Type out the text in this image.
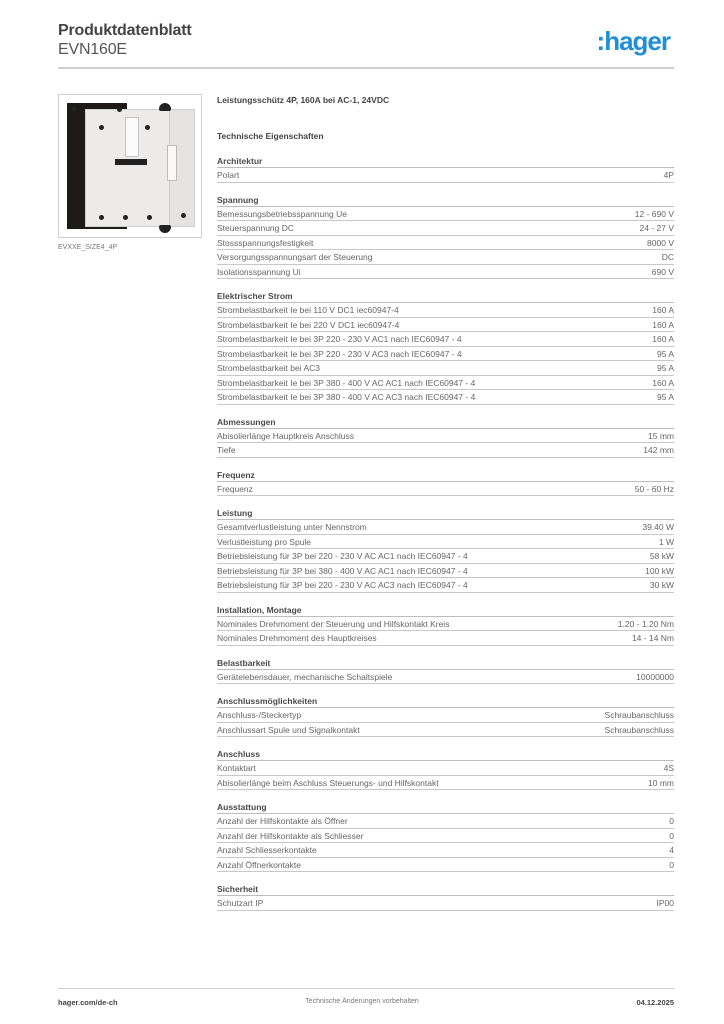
Produktdatenblatt
EVN160E	:hager
EVXXE_SIZE4_4P
Leistungsschütz 4P, 160A bei AC-1, 24VDC
Technische Eigenschaften
Architektur
Polart	4P
Spannung
Bemessungsbetriebsspannung Ue	12 - 690 V
Steuerspannung DC	24 - 27 V
Stossspannungsfestigkeit	8000 V
Versorgungsspannungsart der Steuerung	DC
Isolationsspannung Ui	690 V
Elektrischer Strom
Strombelastbarkeit Ie bei 110 V DC1 iec60947-4	160 A
Strombelastbarkeit Ie bei 220 V DC1 iec60947-4	160 A
Strombelastbarkeit Ie bei 3P 220 - 230 V AC1 nach IEC60947 - 4	160 A
Strombelastbarkeit Ie bei 3P 220 - 230 V AC3 nach IEC60947 - 4	95 A
Strombelastbarkeit bei AC3	95 A
Strombelastbarkeit Ie bei 3P 380 - 400 V AC AC1 nach IEC60947 - 4	160 A
Strombelastbarkeit Ie bei 3P 380 - 400 V AC AC3 nach IEC60947 - 4	95 A
Abmessungen
Abisolierlänge Hauptkreis Anschluss	15 mm
Tiefe	142 mm
Frequenz
Frequenz	50 - 60 Hz
Leistung
Gesamtverlustleistung unter Nennstrom	39.40 W
Verlustleistung pro Spule	1 W
Betriebsleistung für 3P bei 220 - 230 V AC AC1 nach IEC60947 - 4	58 kW
Betriebsleistung für 3P bei 380 - 400 V AC AC1 nach IEC60947 - 4	100 kW
Betriebsleistung für 3P bei 220 - 230 V AC AC3 nach IEC60947 - 4	30 kW
Installation, Montage
Nominales Drehmoment der Steuerung und Hilfskontakt Kreis	1.20 - 1.20 Nm
Nominales Drehmoment des Hauptkreises	14 - 14 Nm
Belastbarkeit
Gerätelebensdauer, mechanische Schaltspiele	10000000
Anschlussmöglichkeiten
Anschluss-/Steckertyp	Schraubanschluss
Anschlussart Spule und Signalkontakt	Schraubanschluss
Anschluss
Kontaktart	4S
Abisolierlänge beim Aschluss Steuerungs- und Hilfskontakt	10 mm
Ausstattung
Anzahl der Hilfskontakte als Öffner	0
Anzahl der Hilfskontakte als Schliesser	0
Anzahl Schliesserkontakte	4
Anzahl Öffnerkontakte	0
Sicherheit
Schutzart IP	IP00
hager.com/de-ch	Technische Änderungen vorbehalten	04.12.2025
